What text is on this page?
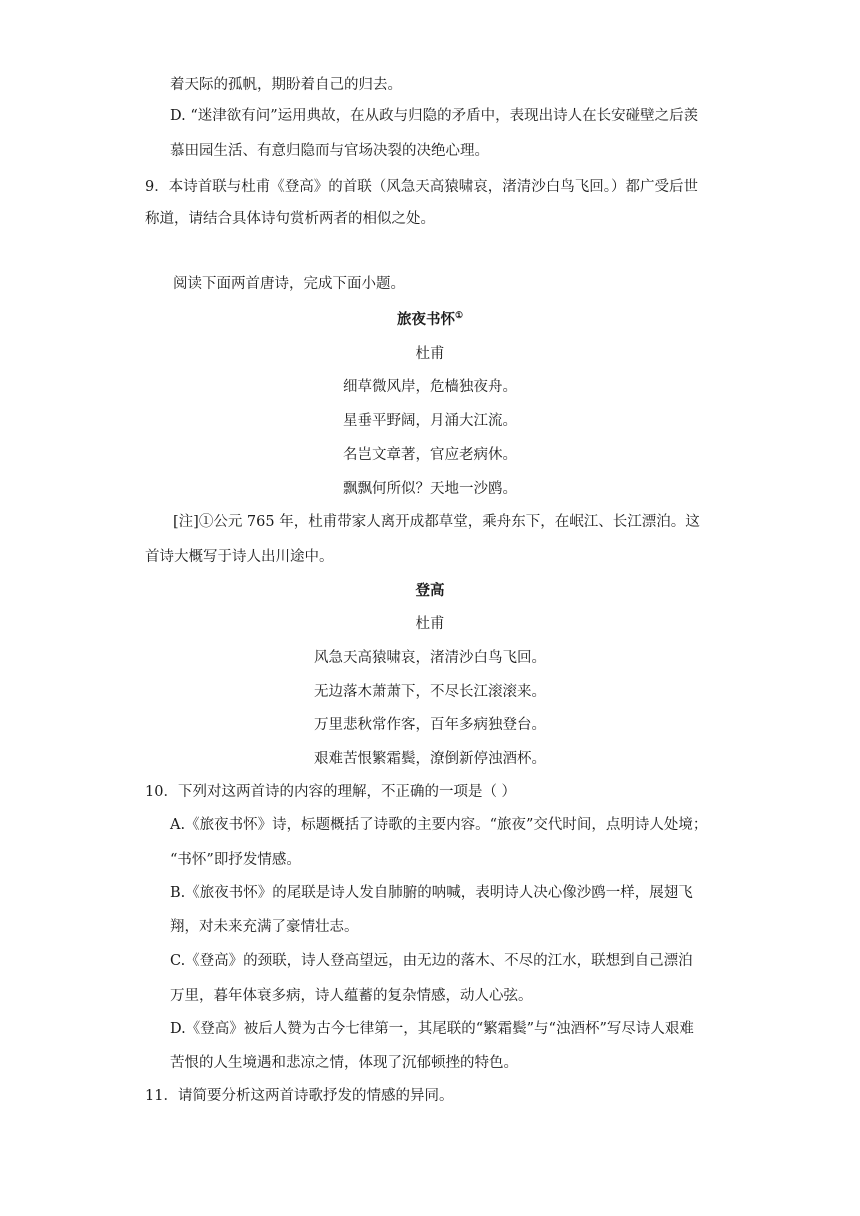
着天际的孤帆，期盼着自己的归去。
D. “迷津欲有问”运用典故，在从政与归隐的矛盾中，表现出诗人在长安碰壁之后羡
慕田园生活、有意归隐而与官场决裂的决绝心理。
9．本诗首联与杜甫《登高》的首联（风急天高猿啸哀，渚清沙白鸟飞回。）都广受后世
称道，请结合具体诗句赏析两者的相似之处。
阅读下面两首唐诗，完成下面小题。
旅夜书怀①
杜甫
细草微风岸，危樯独夜舟。
星垂平野阔，月涌大江流。
名岂文章著，官应老病休。
飘飘何所似？天地一沙鸥。
[注]①公元 765 年，杜甫带家人离开成都草堂，乘舟东下，在岷江、长江漂泊。这
首诗大概写于诗人出川途中。
登高
杜甫
风急天高猿啸哀，渚清沙白鸟飞回。
无边落木萧萧下，不尽长江滚滚来。
万里悲秋常作客，百年多病独登台。
艰难苦恨繁霜鬓，潦倒新停浊酒杯。
10．下列对这两首诗的内容的理解，不正确的一项是（ ）
A.《旅夜书怀》诗，标题概括了诗歌的主要内容。“旅夜”交代时间，点明诗人处境；
“书怀”即抒发情感。
B.《旅夜书怀》的尾联是诗人发自肺腑的呐喊，表明诗人决心像沙鸥一样，展翅飞
翔，对未来充满了豪情壮志。
C.《登高》的颈联，诗人登高望远，由无边的落木、不尽的江水，联想到自己漂泊
万里，暮年体衰多病，诗人蕴蓄的复杂情感，动人心弦。
D.《登高》被后人赞为古今七律第一，其尾联的“繁霜鬓”与“浊酒杯”写尽诗人艰难
苦恨的人生境遇和悲凉之情，体现了沉郁顿挫的特色。
11．请简要分析这两首诗歌抒发的情感的异同。
